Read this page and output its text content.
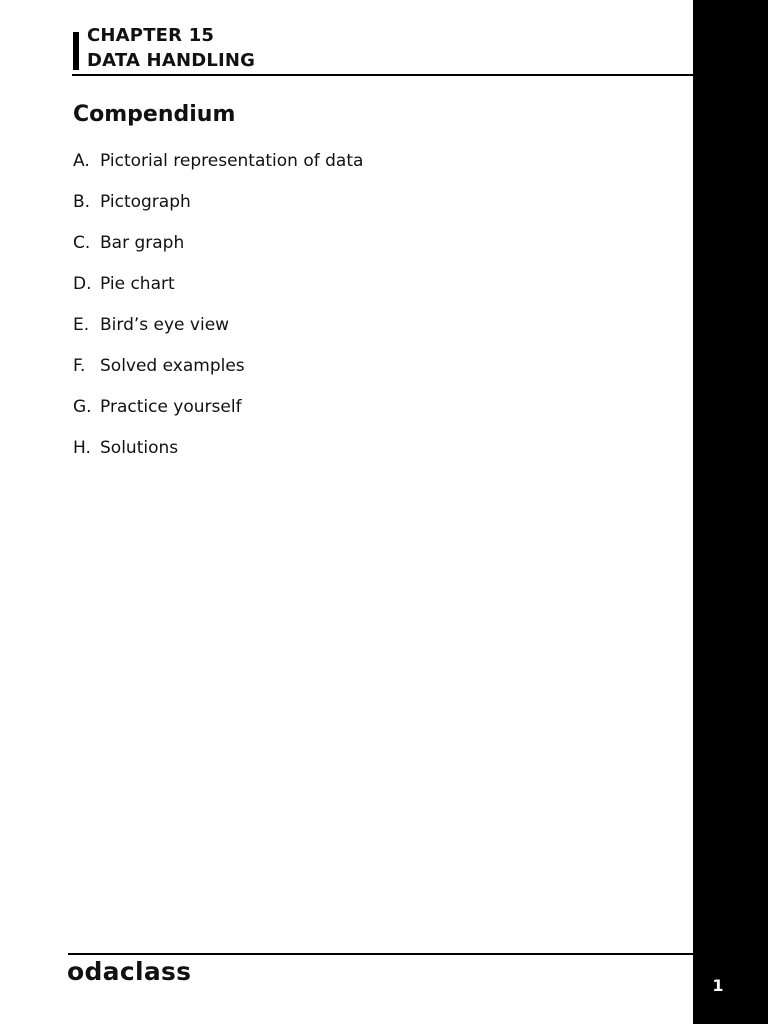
CHAPTER 15
DATA HANDLING
Compendium
A. Pictorial representation of data
B. Pictograph
C. Bar graph
D. Pie chart
E. Bird’s eye view
F. Solved examples
G. Practice yourself
H. Solutions
odaclass	1
